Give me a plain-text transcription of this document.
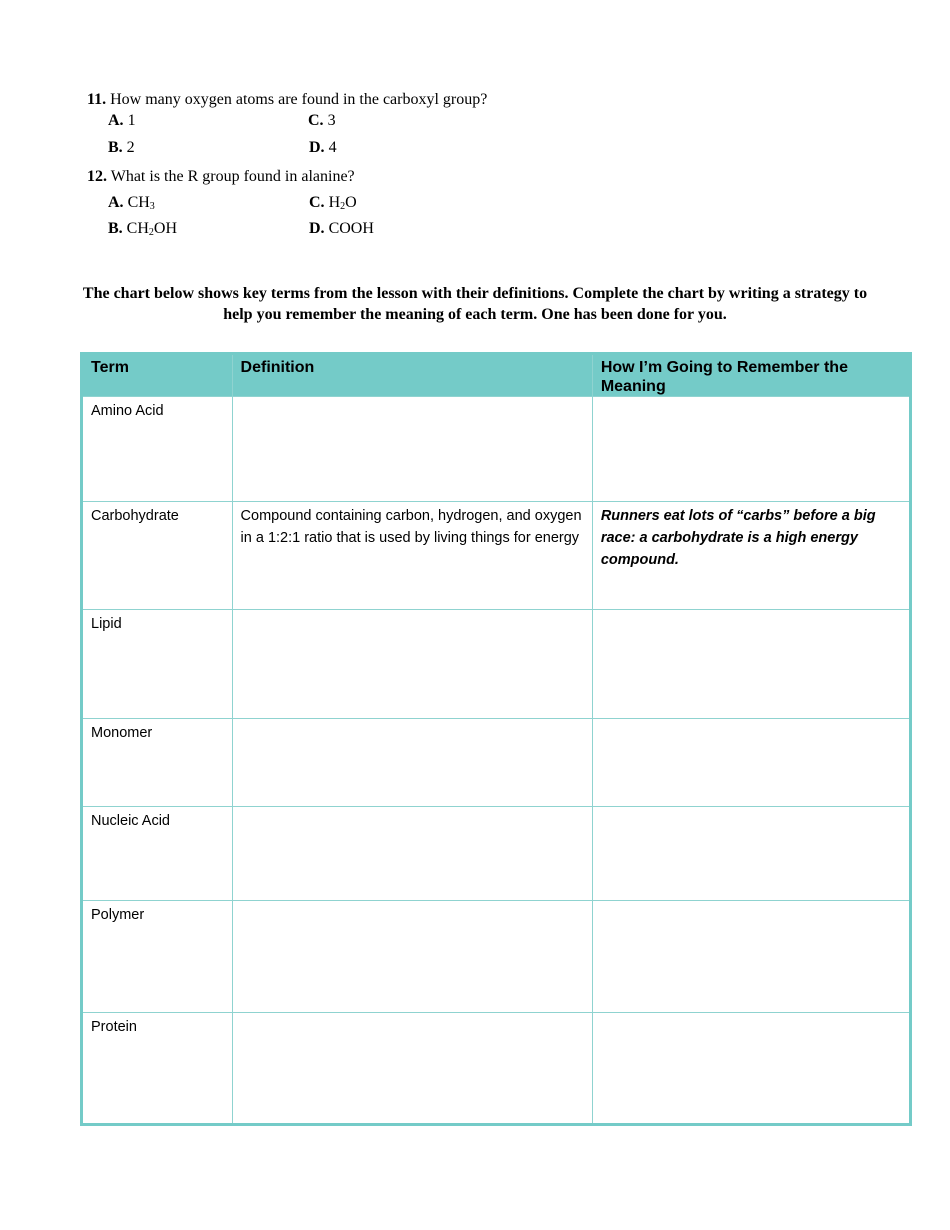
11. How many oxygen atoms are found in the carboxyl group?
A. 1	C. 3
B. 2	D. 4
12. What is the R group found in alanine?
A. $CH_3$	C. $H_2O$
B. $CH_2OH$	D. COOH
The chart below shows key terms from the lesson with their definitions. Complete the chart by writing a strategy to help you remember the meaning of each term. One has been done for you.
Term	Definition	How I’m Going to Remember the Meaning
Amino Acid		
Carbohydrate	Compound containing carbon, hydrogen, and oxygen in a 1:2:1 ratio that is used by living things for energy	Runners eat lots of “carbs” before a big race: a carbohydrate is a high energy compound.
Lipid		
Monomer		
Nucleic Acid		
Polymer		
Protein		
